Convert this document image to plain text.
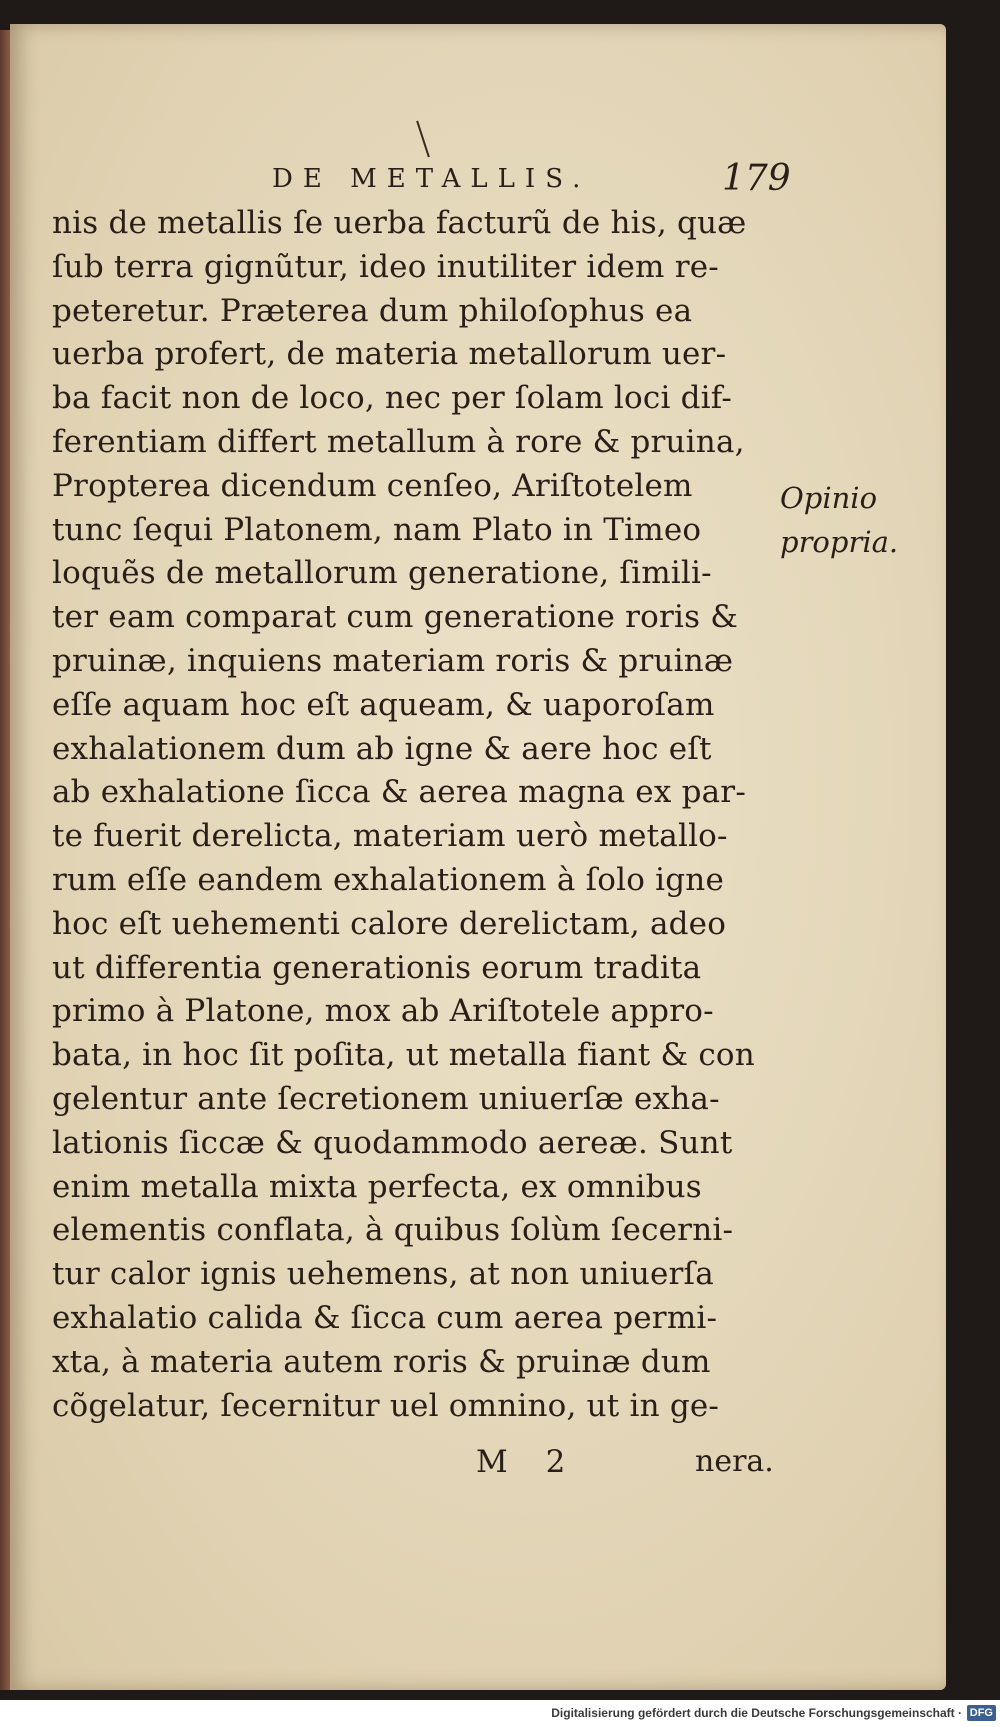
DE METALLIS.	179
nis de metallis ſe uerba facturũ de his, quæ
ſub terra gignũtur, ideo inutiliter idem re-
peteretur. Præterea dum philoſophus ea
uerba profert, de materia metallorum uer-
ba facit non de loco, nec per ſolam loci dif-
ferentiam differt metallum à rore & pruina,
Propterea dicendum cenſeo, Ariſtotelem
tunc ſequi Platonem, nam Plato in Timeo
loquẽs de metallorum generatione, ſimili-
ter eam comparat cum generatione roris &
pruinæ, inquiens materiam roris & pruinæ
eſſe aquam hoc eſt aqueam, & uaporoſam
exhalationem dum ab igne & aere hoc eſt
ab exhalatione ſicca & aerea magna ex par-
te fuerit derelicta, materiam uerò metallo-
rum eſſe eandem exhalationem à ſolo igne
hoc eſt uehementi calore derelictam, adeo
ut differentia generationis eorum tradita
primo à Platone, mox ab Ariſtotele appro-
bata, in hoc ſit poſita, ut metalla fiant & con
gelentur ante ſecretionem uniuerſæ exha-
lationis ſiccæ & quodammodo aereæ. Sunt
enim metalla mixta perfecta, ex omnibus
elementis conflata, à quibus ſolùm ſecerni-
tur calor ignis uehemens, at non uniuerſa
exhalatio calida & ſicca cum aerea permi-
xta, à materia autem roris & pruinæ dum
cõgelatur, ſecernitur uel omnino, ut in ge-
Opinio
propria.
M 2	nera.
Digitalisierung gefördert durch die Deutsche Forschungsgemeinschaft · DFG
